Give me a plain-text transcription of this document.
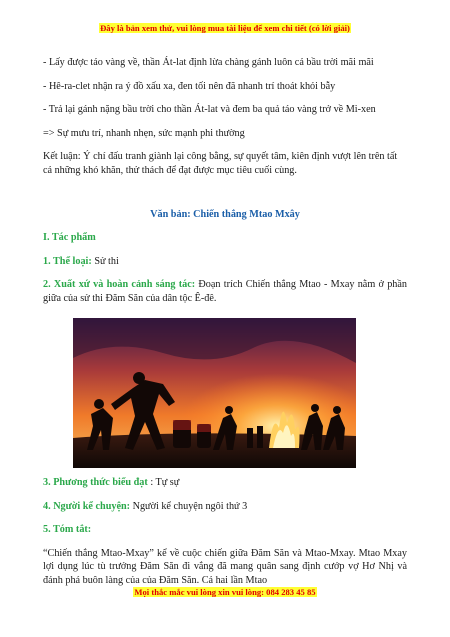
Đây là bản xem thử, vui lòng mua tài liệu để xem chi tiết (có lời giải)

- Lấy được táo vàng về, thần Át-lat định lừa chàng gánh luôn cả bầu trời mãi mãi

- Hê-ra-clet nhận ra ý đồ xấu xa, đen tối nên đã nhanh trí thoát khỏi bẫy

- Trả lại gánh nặng bầu trời cho thần Át-lat và đem ba quả táo vàng trở về Mi-xen

=> Sự mưu trí, nhanh nhẹn, sức mạnh phi thường

Kết luận: Ý chí đấu tranh giành lại công bằng, sự quyết tâm, kiên định vượt lên trên tất cả những khó khăn, thử thách để đạt được mục tiêu cuối cùng.

Văn bản: Chiến thắng Mtao Mxây

I. Tác phẩm

1. Thể loại: Sử thi

2. Xuất xứ và hoàn cảnh sáng tác: Đoạn trích Chiến thắng Mtao - Mxay nằm ở phần giữa của sử thi Đăm Săn của dân tộc Ê-đê.

3. Phương thức biểu đạt : Tự sự

4. Người kể chuyện: Người kể chuyện ngôi thứ 3

5. Tóm tắt:

“Chiến thắng Mtao-Mxay” kể về cuộc chiến giữa Đăm Săn và Mtao-Mxay. Mtao Mxay lợi dụng lúc tù trưởng Đăm Săn đi vắng đã mang quân sang định cướp vợ Hơ Nhị và đánh phá buôn làng của của Đăm Săn. Cả hai lần Mtao

Mọi thắc mắc vui lòng xin vui lòng: 084 283 45 85
